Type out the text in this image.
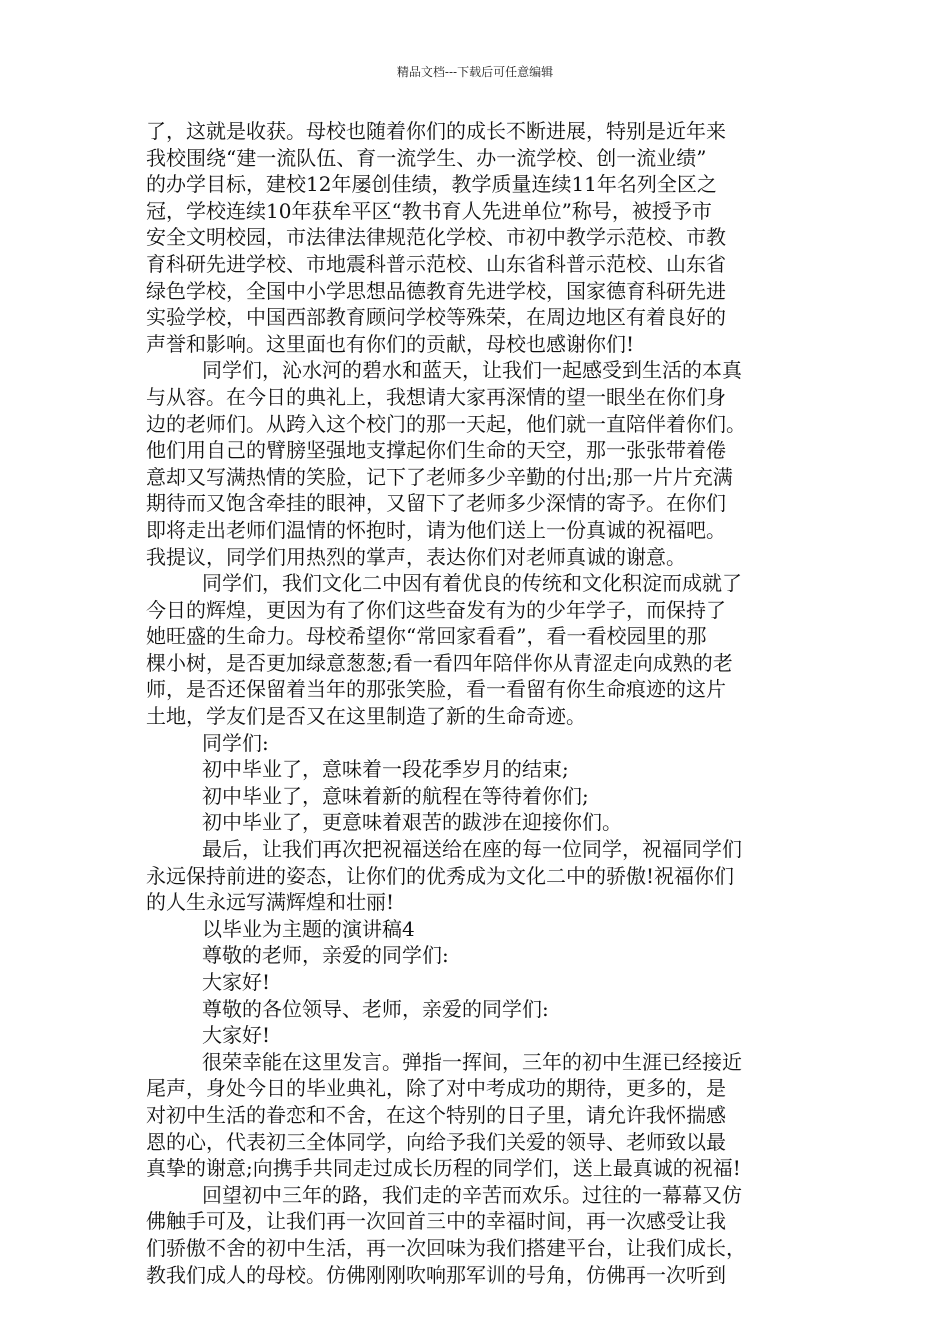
精品文档---下载后可任意编辑
了，这就是收获。母校也随着你们的成长不断进展，特别是近年来
我校围绕“建一流队伍、育一流学生、办一流学校、创一流业绩”
的办学目标，建校12年屡创佳绩，教学质量连续11年名列全区之
冠，学校连续10年获牟平区“教书育人先进单位”称号，被授予市
安全文明校园，市法律法律规范化学校、市初中教学示范校、市教
育科研先进学校、市地震科普示范校、山东省科普示范校、山东省
绿色学校，全国中小学思想品德教育先进学校，国家德育科研先进
实验学校，中国西部教育顾问学校等殊荣，在周边地区有着良好的
声誉和影响。这里面也有你们的贡献，母校也感谢你们!
同学们，沁水河的碧水和蓝天，让我们一起感受到生活的本真
与从容。在今日的典礼上，我想请大家再深情的望一眼坐在你们身
边的老师们。从跨入这个校门的那一天起，他们就一直陪伴着你们。
他们用自己的臂膀坚强地支撑起你们生命的天空，那一张张带着倦
意却又写满热情的笑脸，记下了老师多少辛勤的付出;那一片片充满
期待而又饱含牵挂的眼神，又留下了老师多少深情的寄予。在你们
即将走出老师们温情的怀抱时，请为他们送上一份真诚的祝福吧。
我提议，同学们用热烈的掌声，表达你们对老师真诚的谢意。
同学们，我们文化二中因有着优良的传统和文化积淀而成就了
今日的辉煌，更因为有了你们这些奋发有为的少年学子，而保持了
她旺盛的生命力。母校希望你“常回家看看”，看一看校园里的那
棵小树，是否更加绿意葱葱;看一看四年陪伴你从青涩走向成熟的老
师，是否还保留着当年的那张笑脸，看一看留有你生命痕迹的这片
土地，学友们是否又在这里制造了新的生命奇迹。
同学们:
初中毕业了，意味着一段花季岁月的结束;
初中毕业了，意味着新的航程在等待着你们;
初中毕业了，更意味着艰苦的跋涉在迎接你们。
最后，让我们再次把祝福送给在座的每一位同学，祝福同学们
永远保持前进的姿态，让你们的优秀成为文化二中的骄傲!祝福你们
的人生永远写满辉煌和壮丽!
以毕业为主题的演讲稿4
尊敬的老师，亲爱的同学们:
大家好!
尊敬的各位领导、老师，亲爱的同学们:
大家好!
很荣幸能在这里发言。弹指一挥间，三年的初中生涯已经接近
尾声，身处今日的毕业典礼，除了对中考成功的期待，更多的，是
对初中生活的眷恋和不舍，在这个特别的日子里，请允许我怀揣感
恩的心，代表初三全体同学，向给予我们关爱的领导、老师致以最
真挚的谢意;向携手共同走过成长历程的同学们，送上最真诚的祝福!
回望初中三年的路，我们走的辛苦而欢乐。过往的一幕幕又仿
佛触手可及，让我们再一次回首三中的幸福时间，再一次感受让我
们骄傲不舍的初中生活，再一次回味为我们搭建平台，让我们成长，
教我们成人的母校。仿佛刚刚吹响那军训的号角，仿佛再一次听到
